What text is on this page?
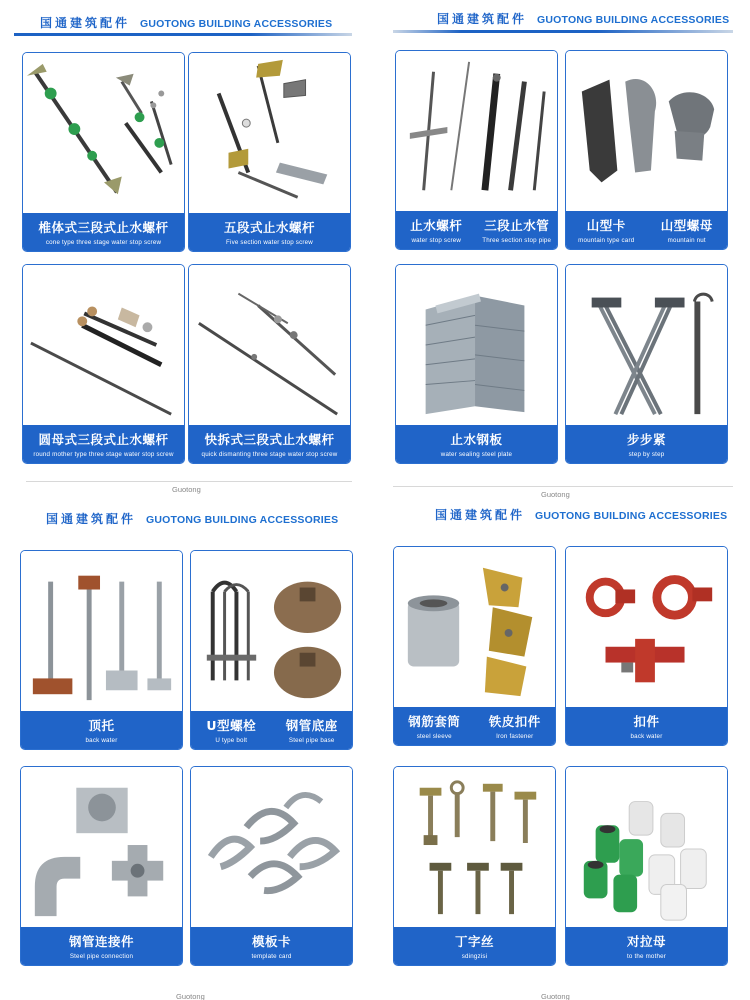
国通建筑配件 GUOTONG BUILDING ACCESSORIES
椎体式三段式止水螺杆
cone type three stage water stop screw
五段式止水螺杆
Five section water stop screw
圆母式三段式止水螺杆
round mother type three stage water stop screw
快拆式三段式止水螺杆
quick dismanting three stage water stop screw
Guotong
国通建筑配件 GUOTONG BUILDING ACCESSORIES
止水螺杆
water stop screw
三段止水管
Three section stop pipe
山型卡
mountain type card
山型螺母
mountain nut
止水钢板
water sealing steel plate
步步紧
step by step
Guotong
国通建筑配件 GUOTONG BUILDING ACCESSORIES
顶托
back water
U型螺栓
U type bolt
钢管底座
Steel pipe base
钢管连接件
Steel pipe connection
模板卡
template card
Guotong
国通建筑配件 GUOTONG BUILDING ACCESSORIES
钢筋套筒
steel sleeve
铁皮扣件
Iron fastener
扣件
back water
丁字丝
sdingzisi
对拉母
to the mother
Guotong
